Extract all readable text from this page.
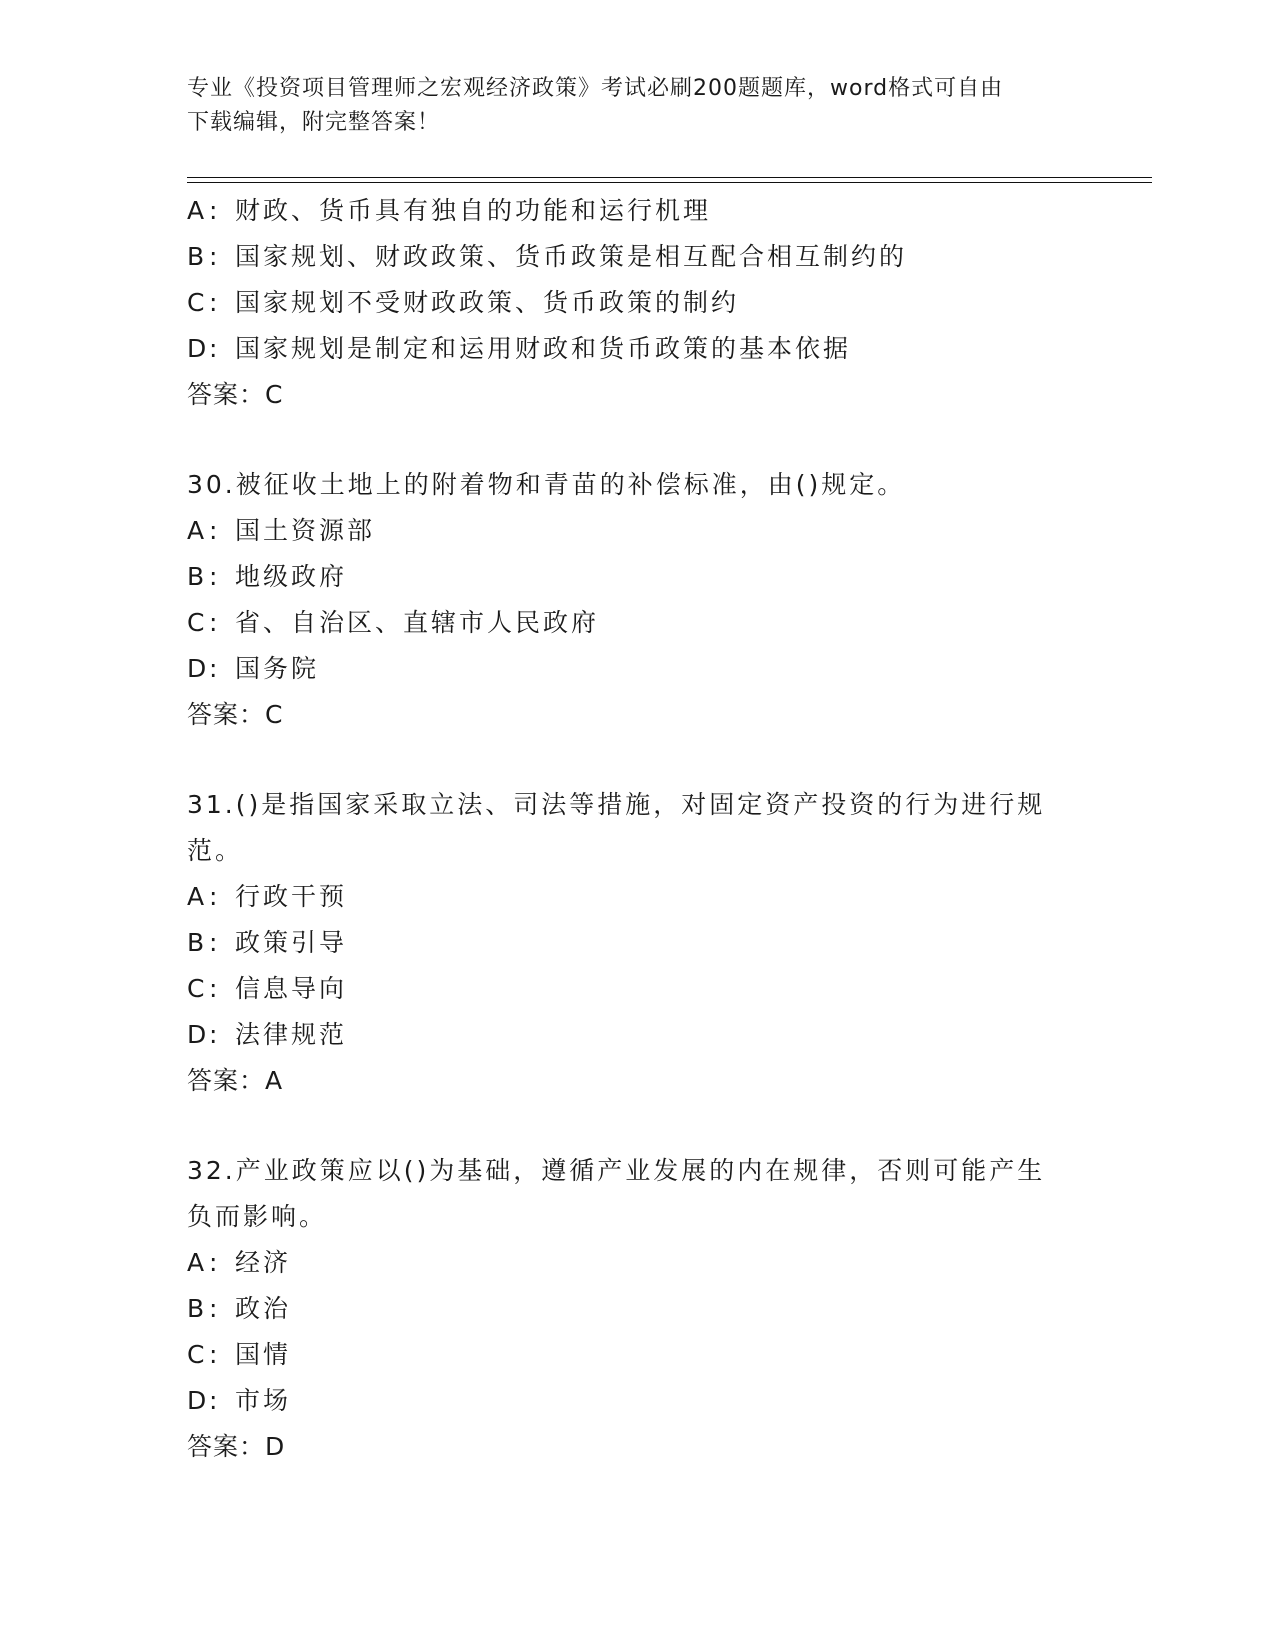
专业《投资项目管理师之宏观经济政策》考试必刷200题题库，word格式可自由
下载编辑，附完整答案！
A : 财政、货币具有独自的功能和运行机理
B : 国家规划、财政政策、货币政策是相互配合相互制约的
C : 国家规划不受财政政策、货币政策的制约
D : 国家规划是制定和运用财政和货币政策的基本依据
答案：C
30.被征收土地上的附着物和青苗的补偿标准，由()规定。
A : 国土资源部
B : 地级政府
C : 省、自治区、直辖市人民政府
D : 国务院
答案：C
31.()是指国家采取立法、司法等措施，对固定资产投资的行为进行规
范。
A : 行政干预
B : 政策引导
C : 信息导向
D : 法律规范
答案：A
32.产业政策应以()为基础，遵循产业发展的内在规律，否则可能产生
负而影响。
A : 经济
B : 政治
C : 国情
D : 市场
答案：D
